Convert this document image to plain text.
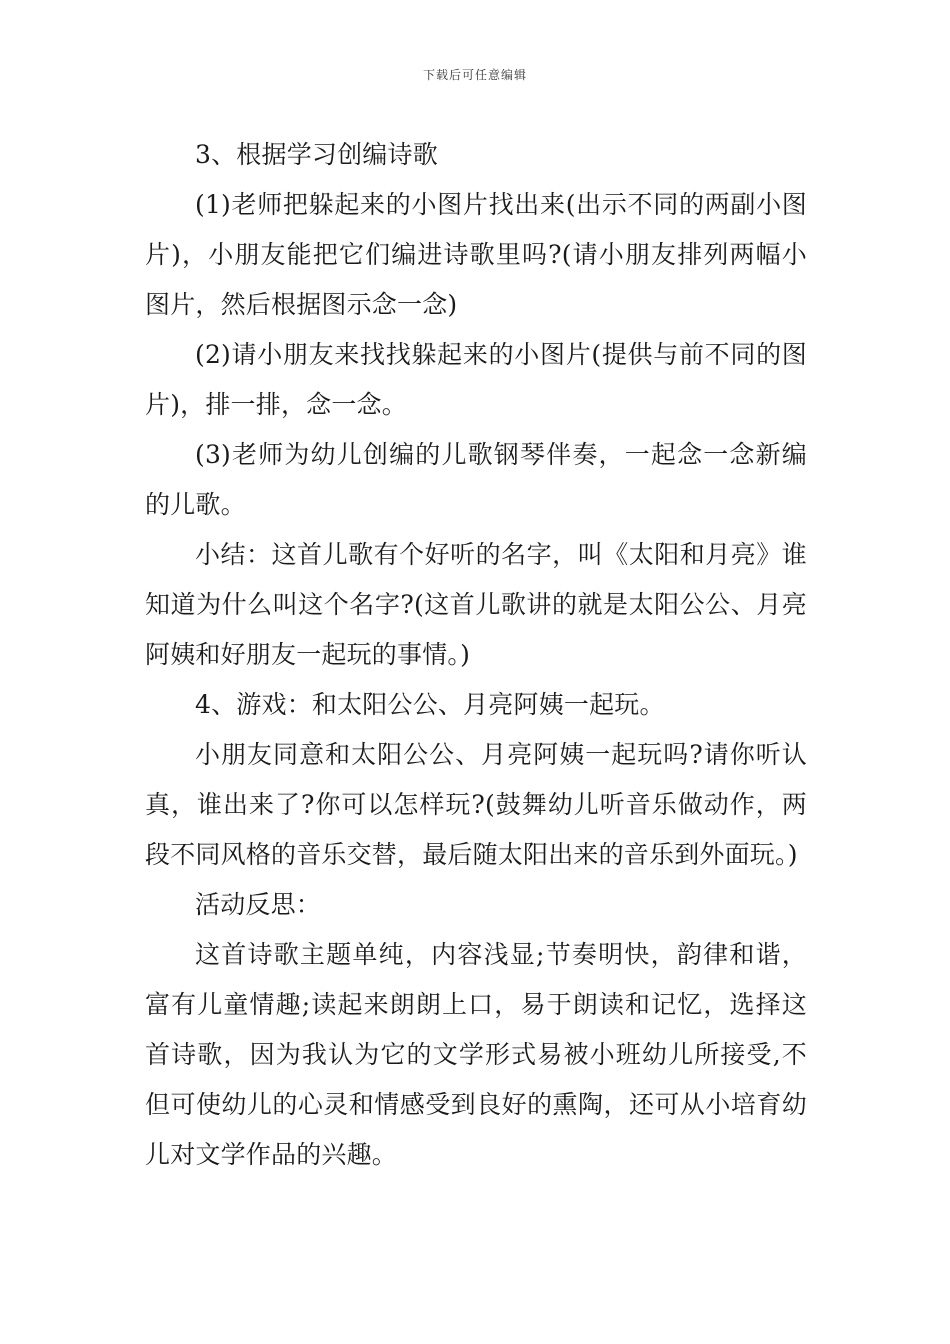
下载后可任意编辑

3、根据学习创编诗歌

(1)老师把躲起来的小图片找出来(出示不同的两副小图片)，小朋友能把它们编进诗歌里吗?(请小朋友排列两幅小图片，然后根据图示念一念)

(2)请小朋友来找找躲起来的小图片(提供与前不同的图片)，排一排，念一念。

(3)老师为幼儿创编的儿歌钢琴伴奏，一起念一念新编的儿歌。

小结：这首儿歌有个好听的名字，叫《太阳和月亮》谁知道为什么叫这个名字?(这首儿歌讲的就是太阳公公、月亮阿姨和好朋友一起玩的事情。)

4、游戏：和太阳公公、月亮阿姨一起玩。

小朋友同意和太阳公公、月亮阿姨一起玩吗?请你听认真，谁出来了?你可以怎样玩?(鼓舞幼儿听音乐做动作，两段不同风格的音乐交替，最后随太阳出来的音乐到外面玩。)

活动反思：

这首诗歌主题单纯，内容浅显;节奏明快，韵律和谐，富有儿童情趣;读起来朗朗上口，易于朗读和记忆，选择这首诗歌，因为我认为它的文学形式易被小班幼儿所接受,不但可使幼儿的心灵和情感受到良好的熏陶，还可从小培育幼儿对文学作品的兴趣。
